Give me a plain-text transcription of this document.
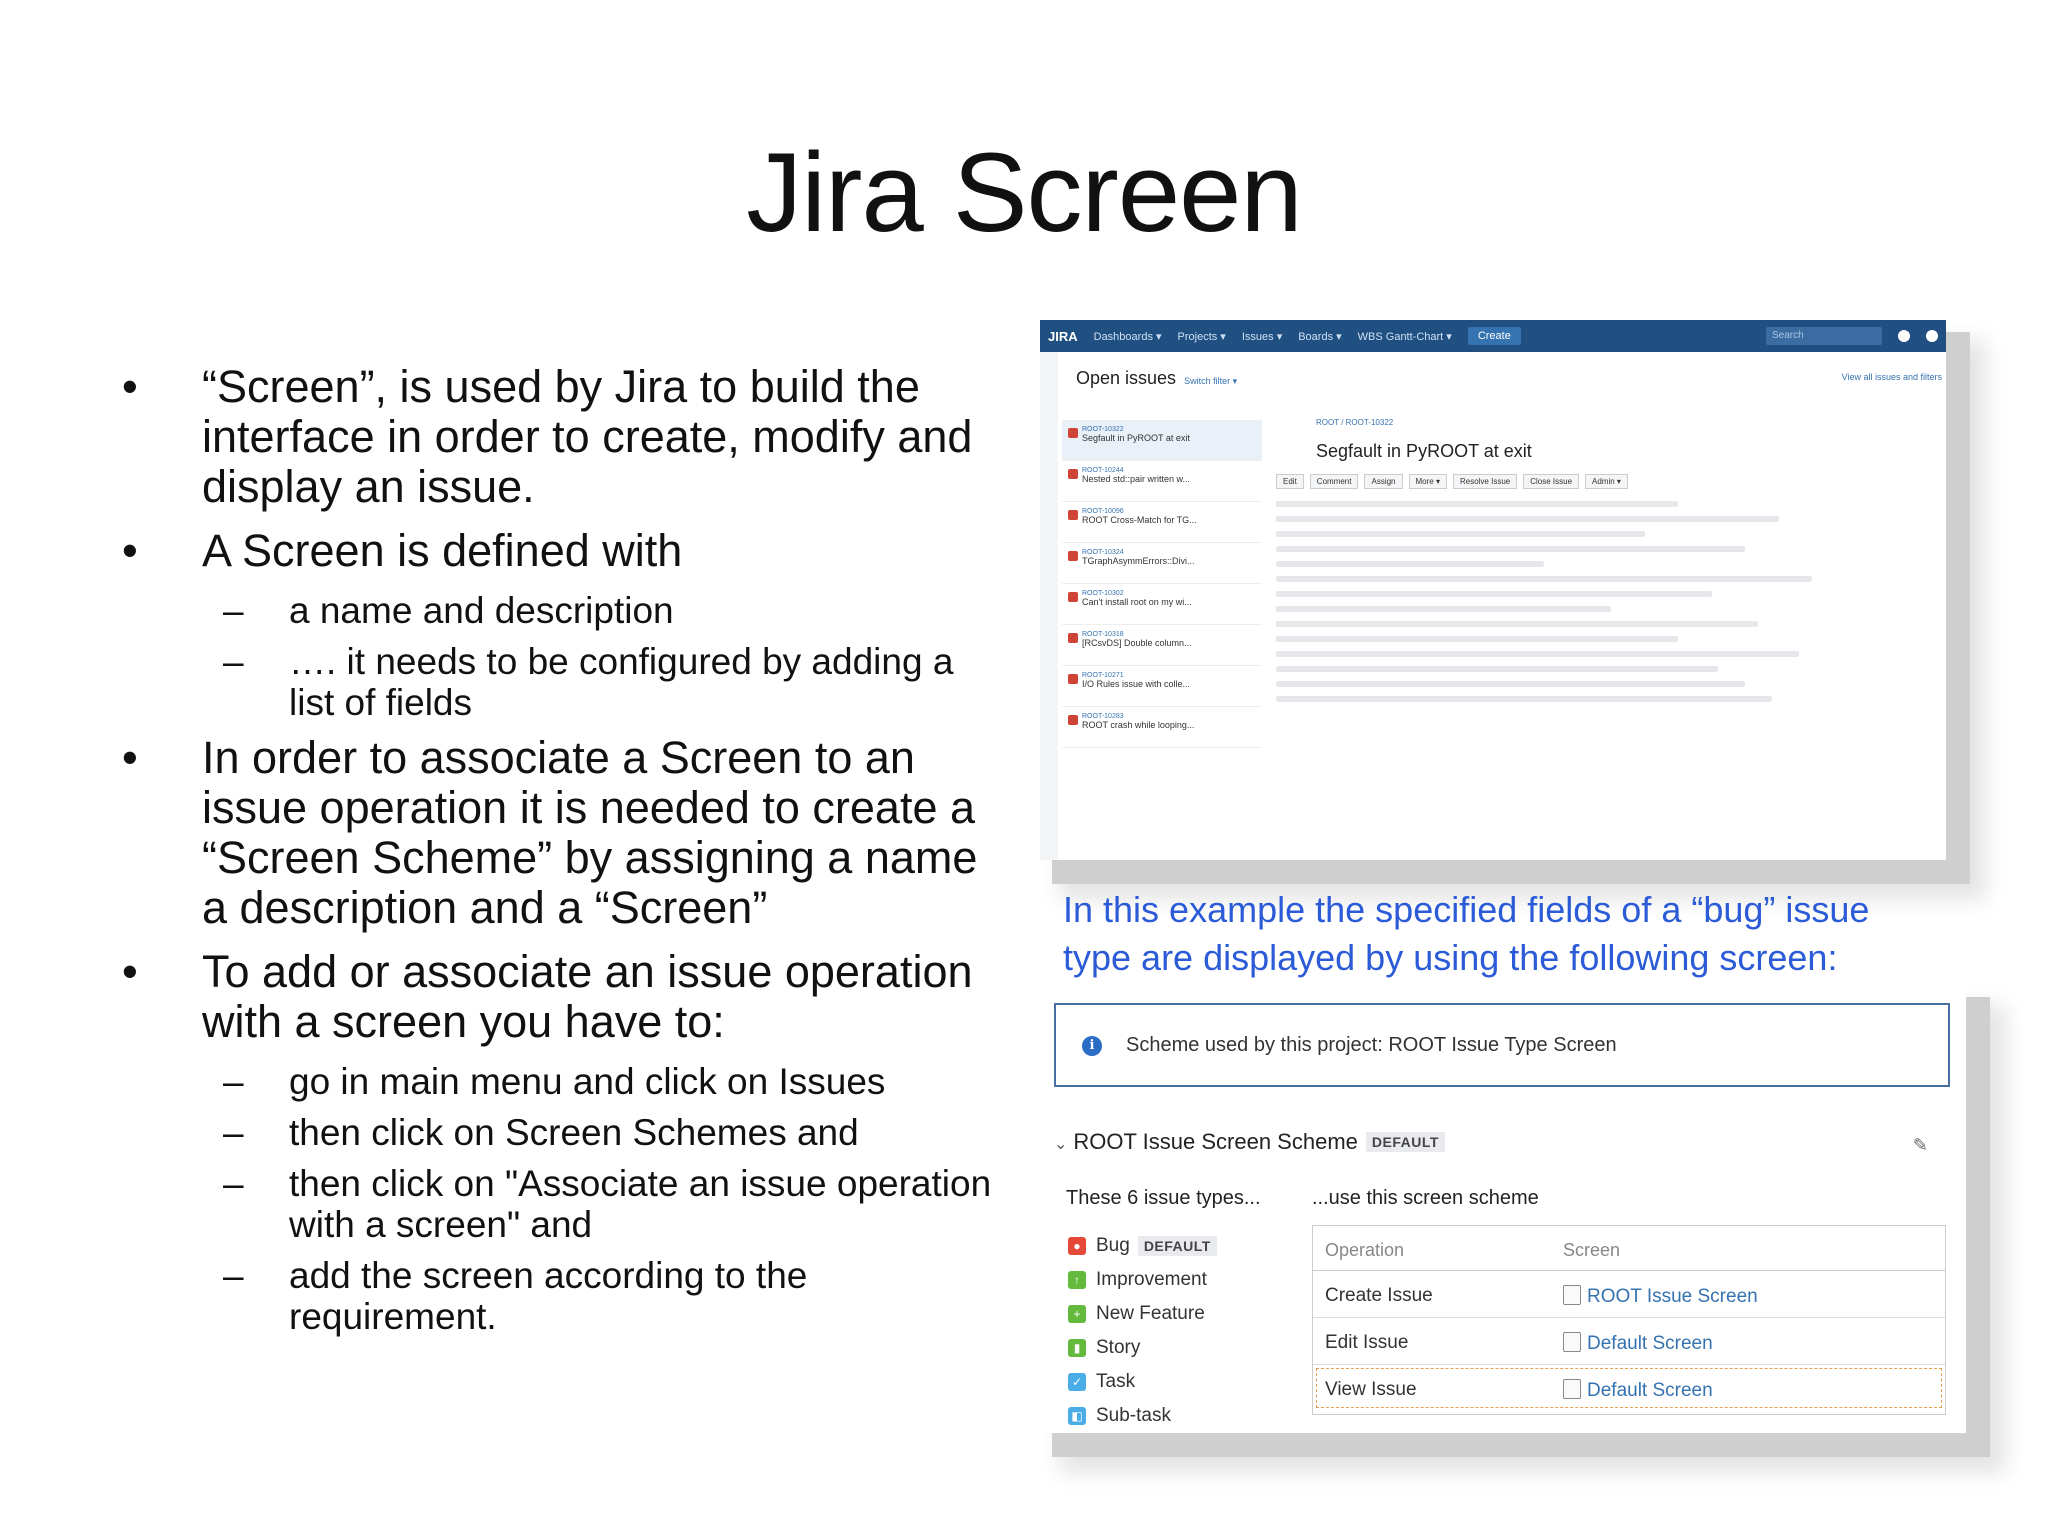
Jira Screen
• “Screen”, is used by Jira to build the interface in order to create, modify and display an issue.
• A Screen is defined with
– a name and description
– …. it needs to be configured by adding a list of fields
• In order to associate a Screen to an issue operation it is needed to create a “Screen Scheme” by assigning a name a description and a “Screen”
• To add or associate an issue operation with a screen you have to:
– go in main menu and click on Issues
– then click on Screen Schemes and
– then click on "Associate an issue operation with a screen" and
– add the screen according to the requirement.
JIRA Dashboards ▾ Projects ▾ Issues ▾ Boards ▾ WBS Gantt-Chart ▾	Create	Search
Open issues Switch filter ▾	View all issues and filters
ROOT-10322
Segfault in PyROOT at exit
ROOT-10244
Nested std::pair written w...
ROOT-10096
ROOT Cross-Match for TG...
ROOT-10324
TGraphAsymmErrors::Divi...
ROOT-10302
Can't install root on my wi...
ROOT-10318
[RCsvDS] Double column...
ROOT-10271
I/O Rules issue with colle...
ROOT-10283
ROOT crash while looping...
ROOT / ROOT-10322
Segfault in PyROOT at exit
Edit	Comment	Assign	More ▾	Resolve Issue	Close Issue	Admin ▾
In this example the specified fields of a “bug” issue type are displayed by using the following screen:
i	Scheme used by this project: ROOT Issue Type Screen
⌄ ROOT Issue Screen Scheme DEFAULT	✎
These 6 issue types...	...use this screen scheme
● Bug	DEFAULT
↑ Improvement
+ New Feature
▮ Story
✓ Task
◧ Sub-task
Operation	Screen
Create Issue	ROOT Issue Screen
Edit Issue	Default Screen
View Issue	Default Screen
